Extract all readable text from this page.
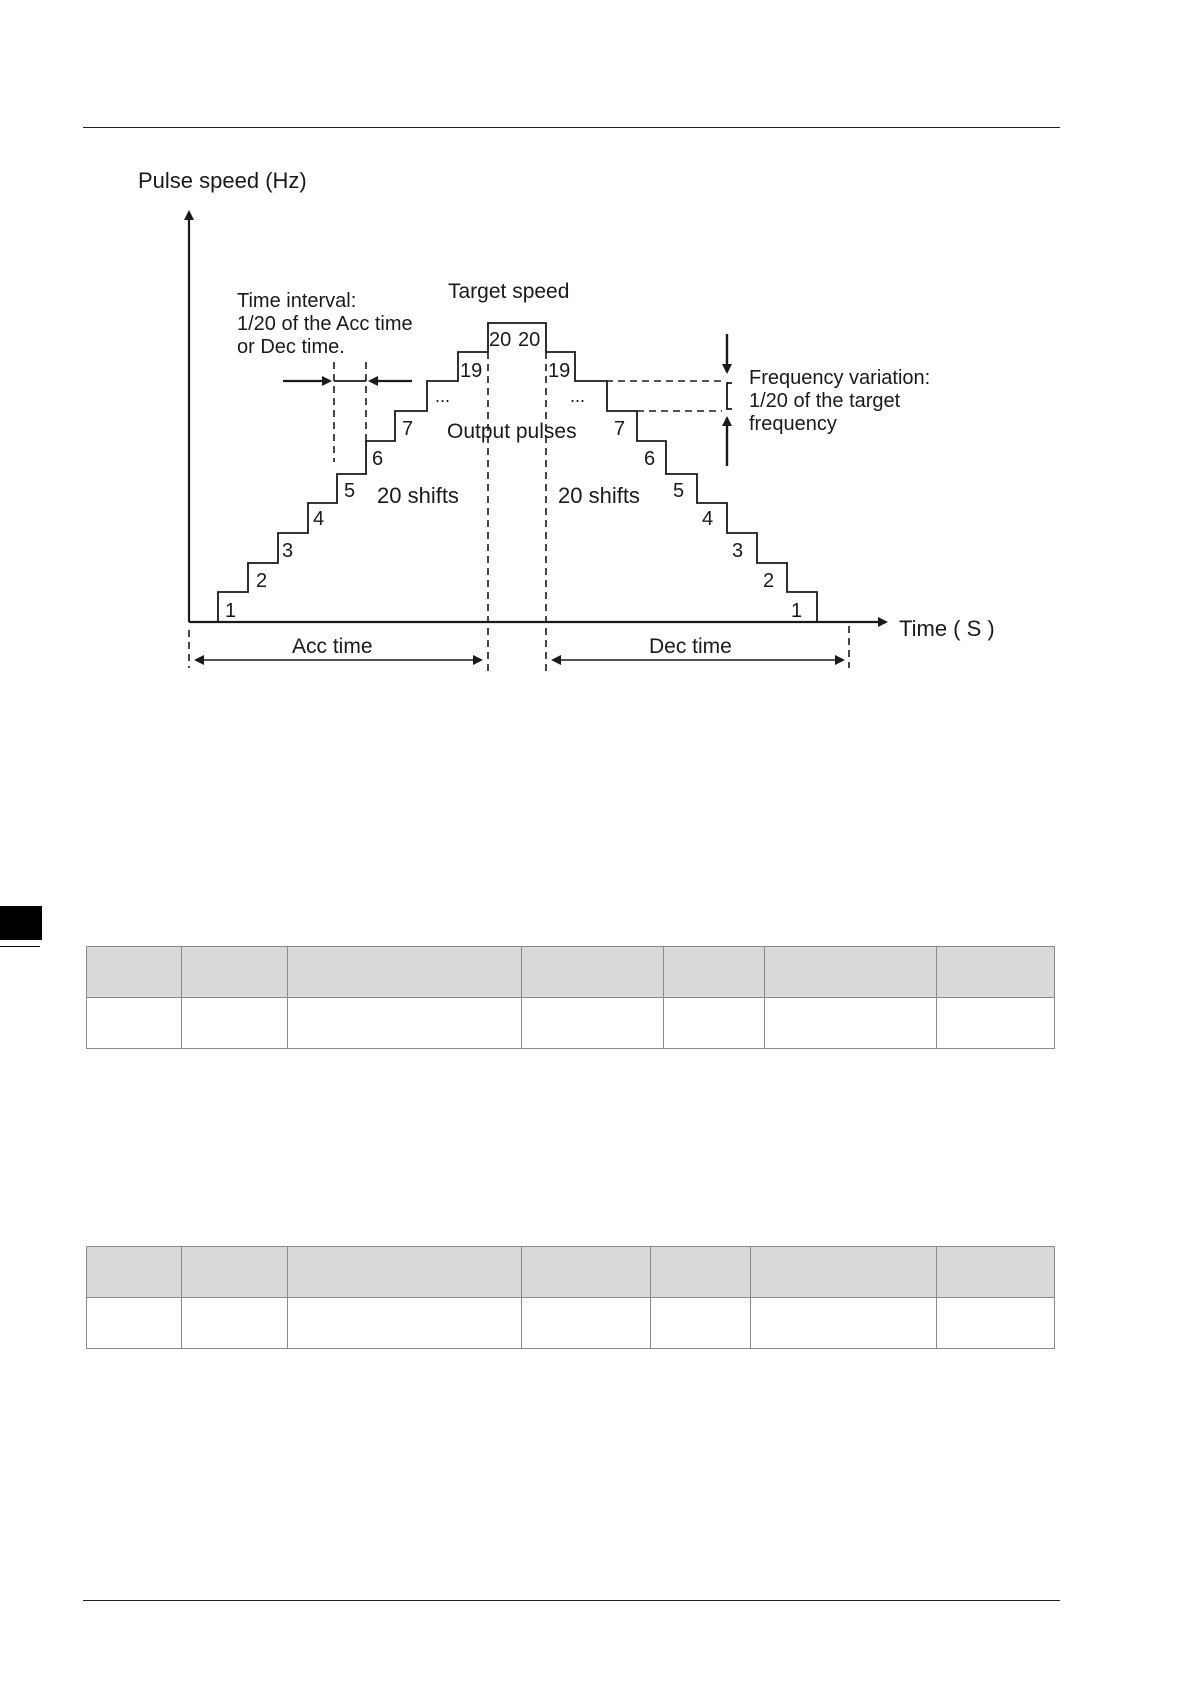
Pulse speed (Hz)
Time ( S )
Target speed
Time interval:
1/20 of the Acc time
or Dec time.
Frequency variation:
1/20 of the target
frequency
Output pulses
20 shifts	20 shifts
Acc time	Dec time
...	...
1
2
3
4
5
6
7
19
20 20
19
7
6
5
4
3
2
1
